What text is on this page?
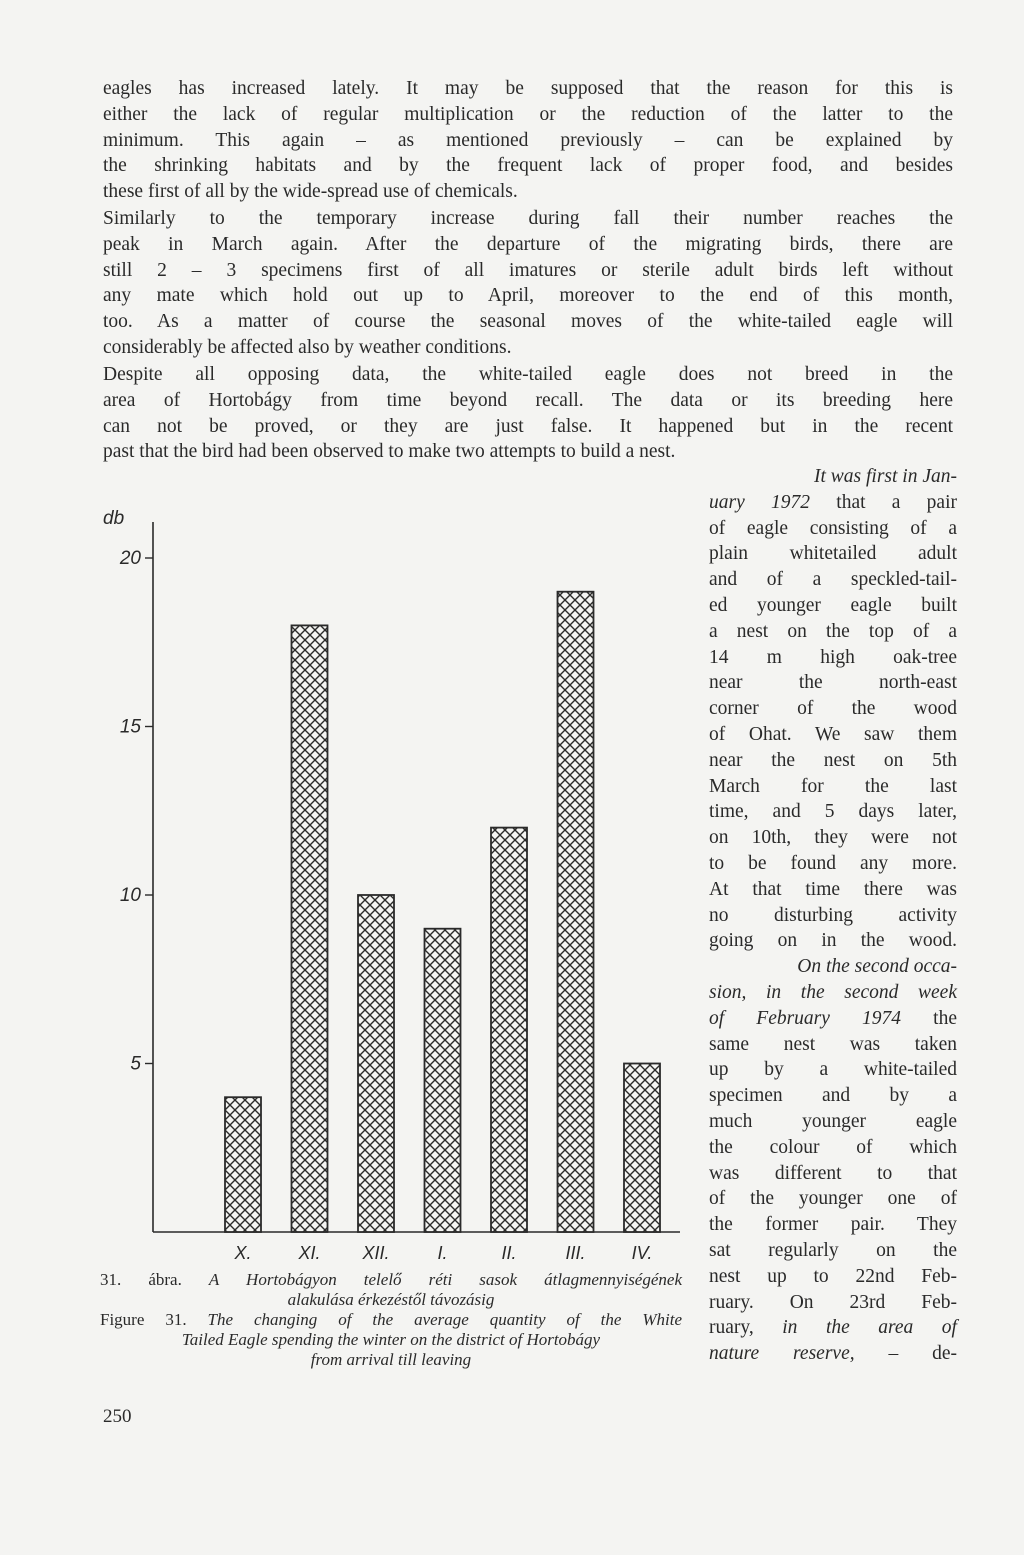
eagles has increased lately. It may be supposed that the reason for this is
either the lack of regular multiplication or the reduction of the latter to the
minimum. This again – as mentioned previously – can be explained by
the shrinking habitats and by the frequent lack of proper food, and besides
these first of all by the wide-spread use of chemicals.
Similarly to the temporary increase during fall their number reaches the
peak in March again. After the departure of the migrating birds, there are
still 2 – 3 specimens first of all imatures or sterile adult birds left without
any mate which hold out up to April, moreover to the end of this month,
too. As a matter of course the seasonal moves of the white-tailed eagle will
considerably be affected also by weather conditions.
Despite all opposing data, the white-tailed eagle does not breed in the
area of Hortobágy from time beyond recall. The data or its breeding here
can not be proved, or they are just false. It happened but in the recent
past that the bird had been observed to make two attempts to build a nest.
It was first in Jan-
uary 1972 that a pair
of eagle consisting of a
plain whitetailed adult
and of a speckled-tail-
ed younger eagle built
a nest on the top of a
14 m high oak-tree
near the north-east
corner of the wood
of Ohat. We saw them
near the nest on 5th
March for the last
time, and 5 days later,
on 10th, they were not
to be found any more.
At that time there was
no disturbing activity
going on in the wood.
On the second occa-
sion, in the second week
of February 1974 the
same nest was taken
up by a white-tailed
specimen and by a
much younger eagle
the colour of which
was different to that
of the younger one of
the former pair. They
sat regularly on the
nest up to 22nd Feb-
ruary. On 23rd Feb-
ruary, in the area of
nature reserve, – de-
db
5
10
15
20
X.	XI. XII.	I.	II.	III.	IV.
31. ábra. A Hortobágyon telelő réti sasok átlagmennyiségének
alakulása érkezéstől távozásig
Figure 31. The changing of the average quantity of the White
Tailed Eagle spending the winter on the district of Hortobágy
from arrival till leaving
250
